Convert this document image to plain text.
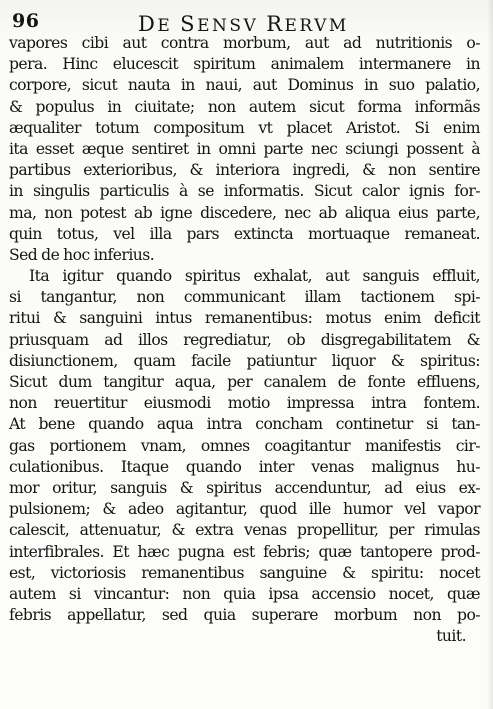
96	DE SENSV RERVM
vapores cibi aut contra morbum, aut ad nutritionis o-
pera. Hinc elucescit spiritum animalem intermanere in
corpore, sicut nauta in naui, aut Dominus in suo palatio,
& populus in ciuitate; non autem sicut forma informãs
æqualiter totum compositum vt placet Aristot. Si enim
ita esset æque sentiret in omni parte nec sciungi possent à
partibus exterioribus, & interiora ingredi, & non sentire
in singulis particulis à se informatis. Sicut calor ignis for-
ma, non potest ab igne discedere, nec ab aliqua eius parte,
quin totus, vel illa pars extincta mortuaque remaneat.
Sed de hoc inferius.
Ita igitur quando spiritus exhalat, aut sanguis effluit,
si tangantur, non communicant illam tactionem spi-
ritui & sanguini intus remanentibus: motus enim deficit
priusquam ad illos regrediatur, ob disgregabilitatem &
disiunctionem, quam facile patiuntur liquor & spiritus:
Sicut dum tangitur aqua, per canalem de fonte effluens,
non reuertitur eiusmodi motio impressa intra fontem.
At bene quando aqua intra concham continetur si tan-
gas portionem vnam, omnes coagitantur manifestis cir-
culationibus. Itaque quando inter venas malignus hu-
mor oritur, sanguis & spiritus accenduntur, ad eius ex-
pulsionem; & adeo agitantur, quod ille humor vel vapor
calescit, attenuatur, & extra venas propellitur, per rimulas
interfibrales. Et hæc pugna est febris; quæ tantopere prod-
est, victoriosis remanentibus sanguine & spiritu: nocet
autem si vincantur: non quia ipsa accensio nocet, quæ
febris appellatur, sed quia superare morbum non po-
tuit.
